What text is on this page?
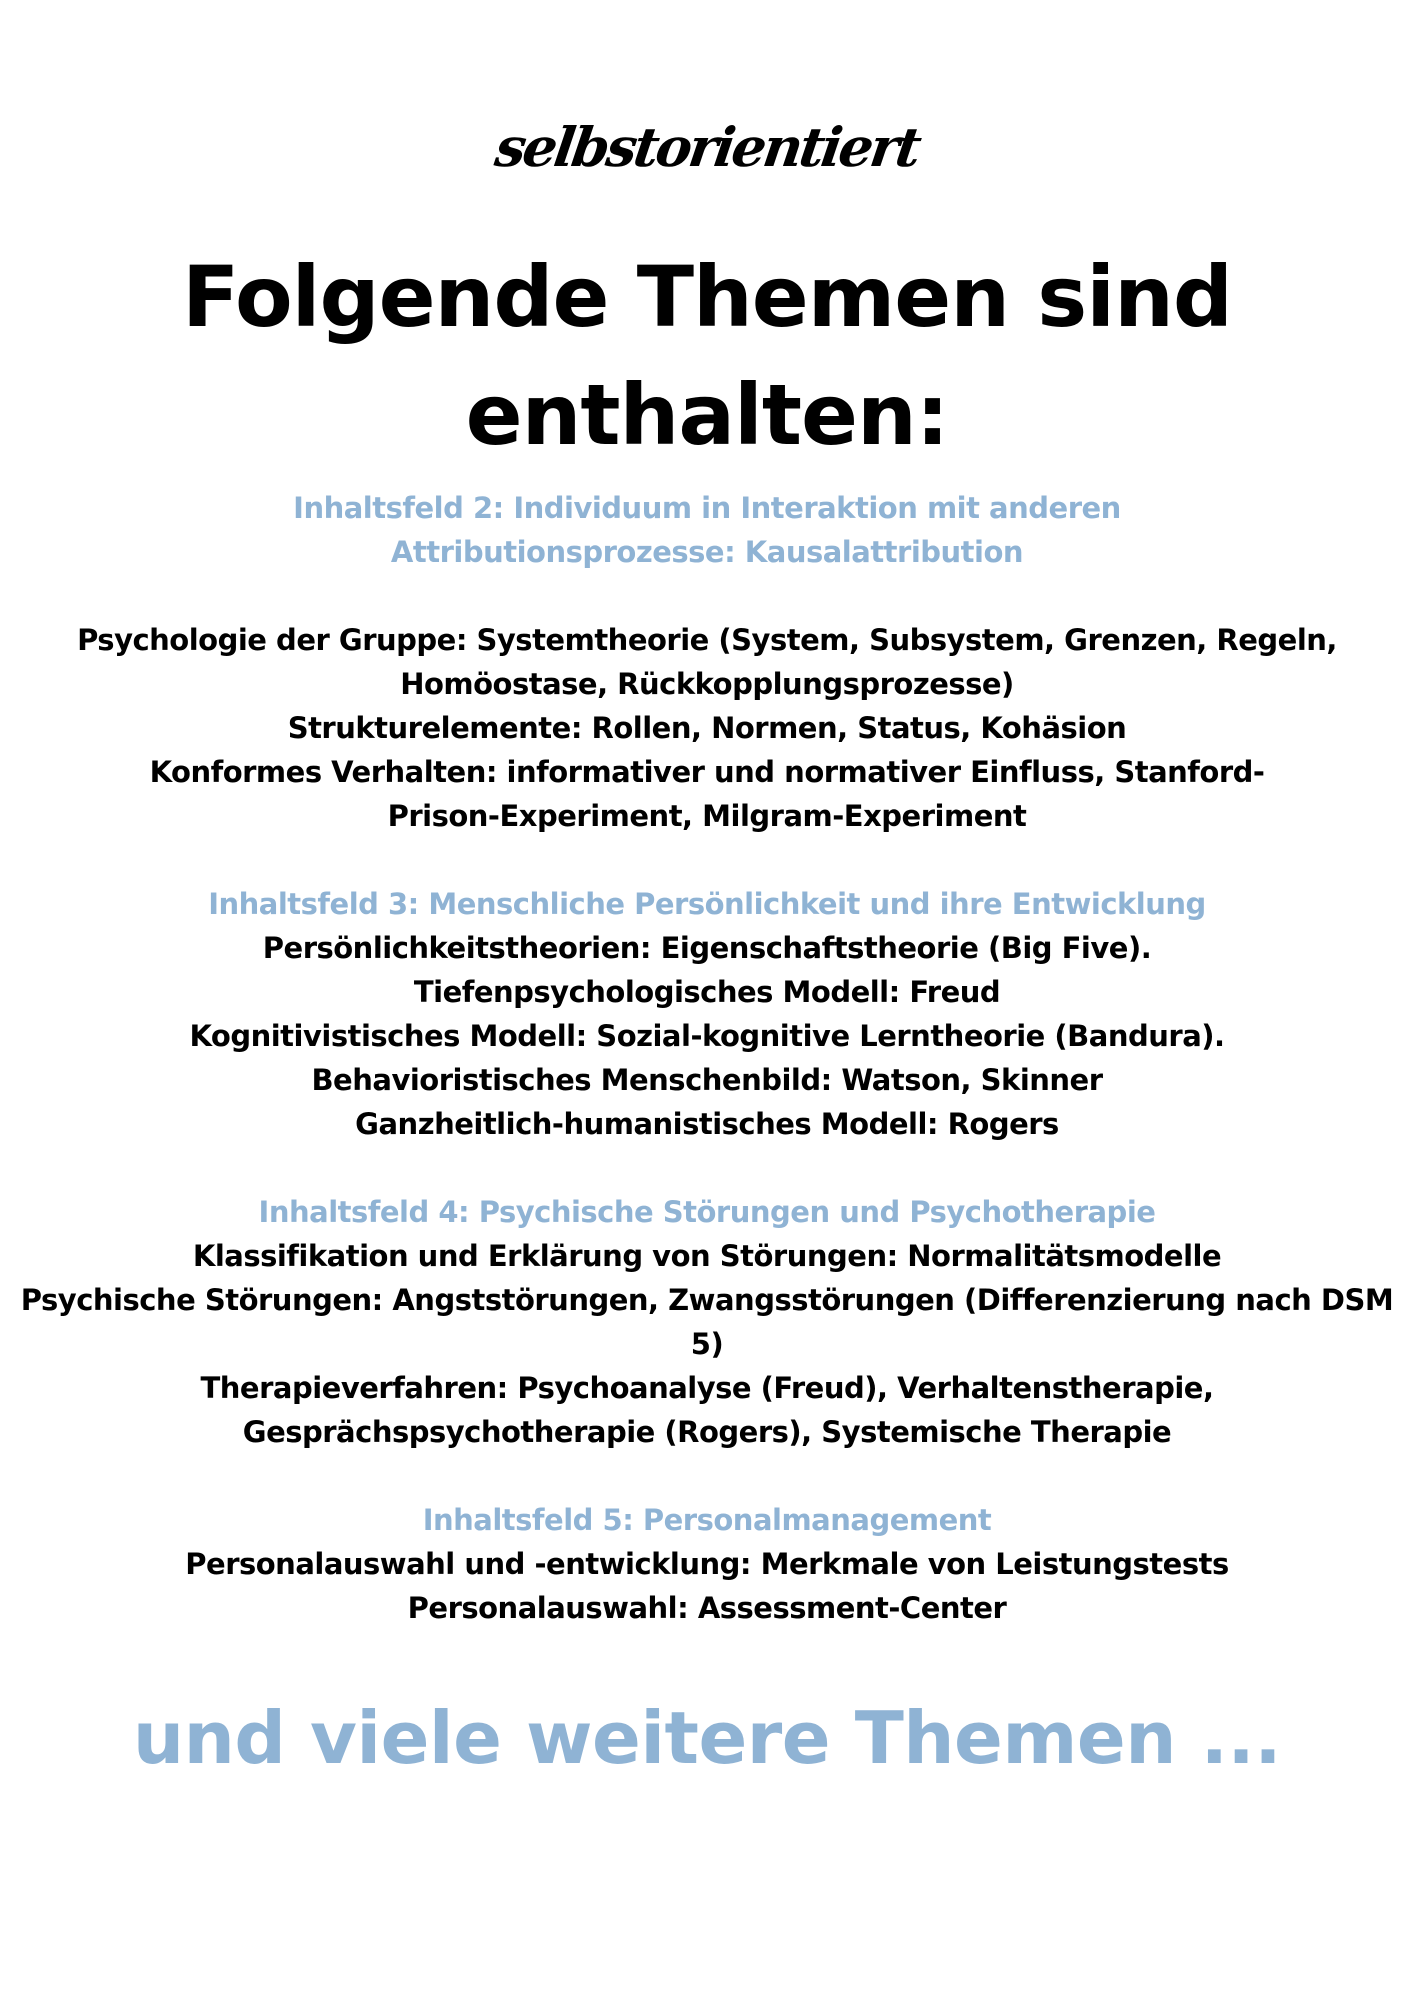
selbstorientiert
Folgende Themen sind enthalten:
Inhaltsfeld 2: Individuum in Interaktion mit anderen
Attributionsprozesse: Kausalattribution
Psychologie der Gruppe: Systemtheorie (System, Subsystem, Grenzen, Regeln, Homöostase, Rückkopplungsprozesse)
Strukturelemente: Rollen, Normen, Status, Kohäsion
Konformes Verhalten: informativer und normativer Einfluss, Stanford-Prison-Experiment, Milgram-Experiment
Inhaltsfeld 3: Menschliche Persönlichkeit und ihre Entwicklung
Persönlichkeitstheorien: Eigenschaftstheorie (Big Five).
Tiefenpsychologisches Modell: Freud
Kognitivistisches Modell: Sozial-kognitive Lerntheorie (Bandura).
Behavioristisches Menschenbild: Watson, Skinner
Ganzheitlich-humanistisches Modell: Rogers
Inhaltsfeld 4: Psychische Störungen und Psychotherapie
Klassifikation und Erklärung von Störungen: Normalitätsmodelle
Psychische Störungen: Angststörungen, Zwangsstörungen (Differenzierung nach DSM 5)
Therapieverfahren: Psychoanalyse (Freud), Verhaltenstherapie, Gesprächspsychotherapie (Rogers), Systemische Therapie
Inhaltsfeld 5: Personalmanagement
Personalauswahl und -entwicklung: Merkmale von Leistungstests
Personalauswahl: Assessment-Center
und viele weitere Themen ...
